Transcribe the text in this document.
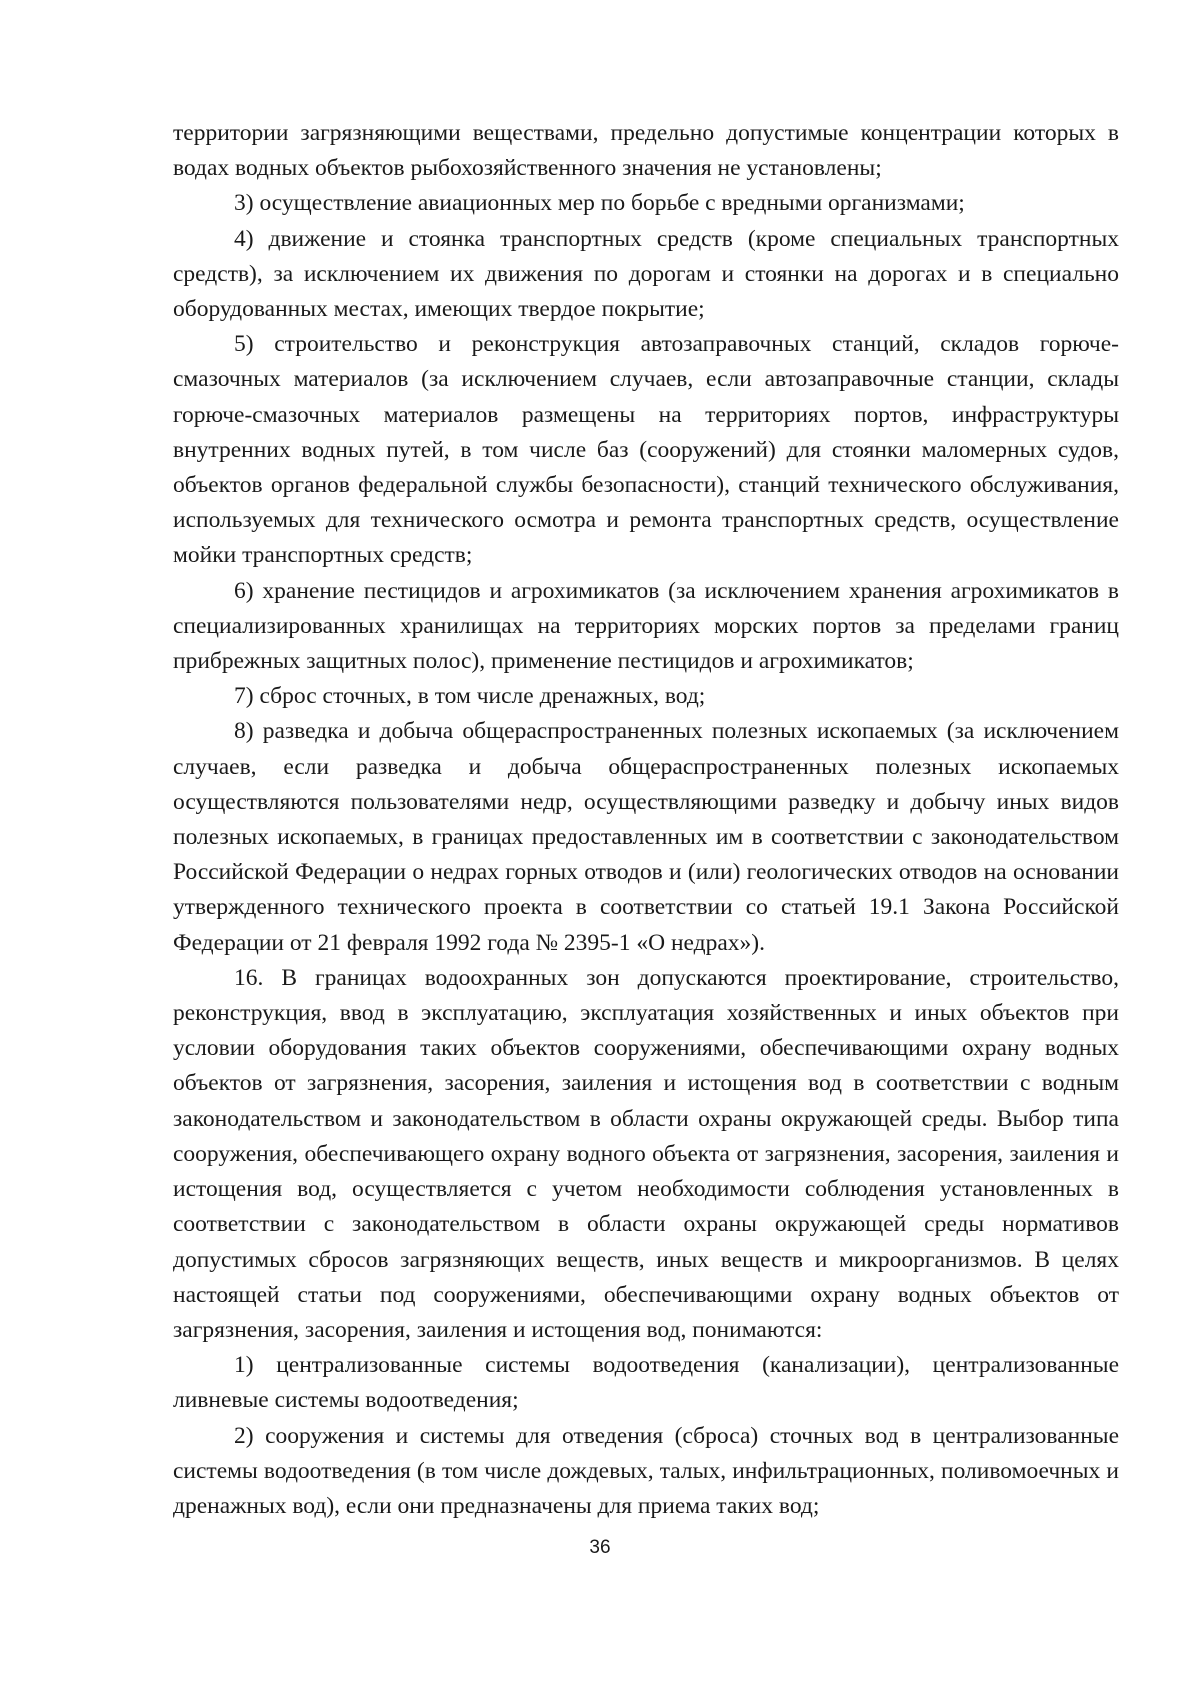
территории загрязняющими веществами, предельно допустимые концентрации которых в водах водных объектов рыбохозяйственного значения не установлены;

3) осуществление авиационных мер по борьбе с вредными организмами;

4) движение и стоянка транспортных средств (кроме специальных транспортных средств), за исключением их движения по дорогам и стоянки на дорогах и в специально оборудованных местах, имеющих твердое покрытие;

5) строительство и реконструкция автозаправочных станций, складов горюче-смазочных материалов (за исключением случаев, если автозаправочные станции, склады горюче-смазочных материалов размещены на территориях портов, инфраструктуры внутренних водных путей, в том числе баз (сооружений) для стоянки маломерных судов, объектов органов федеральной службы безопасности), станций технического обслуживания, используемых для технического осмотра и ремонта транспортных средств, осуществление мойки транспортных средств;

6) хранение пестицидов и агрохимикатов (за исключением хранения агрохимикатов в специализированных хранилищах на территориях морских портов за пределами границ прибрежных защитных полос), применение пестицидов и агрохимикатов;

7) сброс сточных, в том числе дренажных, вод;

8) разведка и добыча общераспространенных полезных ископаемых (за исключением случаев, если разведка и добыча общераспространенных полезных ископаемых осуществляются пользователями недр, осуществляющими разведку и добычу иных видов полезных ископаемых, в границах предоставленных им в соответствии с законодательством Российской Федерации о недрах горных отводов и (или) геологических отводов на основании утвержденного технического проекта в соответствии со статьей 19.1 Закона Российской Федерации от 21 февраля 1992 года № 2395-1 «О недрах»).

16. В границах водоохранных зон допускаются проектирование, строительство, реконструкция, ввод в эксплуатацию, эксплуатация хозяйственных и иных объектов при условии оборудования таких объектов сооружениями, обеспечивающими охрану водных объектов от загрязнения, засорения, заиления и истощения вод в соответствии с водным законодательством и законодательством в области охраны окружающей среды. Выбор типа сооружения, обеспечивающего охрану водного объекта от загрязнения, засорения, заиления и истощения вод, осуществляется с учетом необходимости соблюдения установленных в соответствии с законодательством в области охраны окружающей среды нормативов допустимых сбросов загрязняющих веществ, иных веществ и микроорганизмов. В целях настоящей статьи под сооружениями, обеспечивающими охрану водных объектов от загрязнения, засорения, заиления и истощения вод, понимаются:

1) централизованные системы водоотведения (канализации), централизованные ливневые системы водоотведения;

2) сооружения и системы для отведения (сброса) сточных вод в централизованные системы водоотведения (в том числе дождевых, талых, инфильтрационных, поливомоечных и дренажных вод), если они предназначены для приема таких вод;

36
